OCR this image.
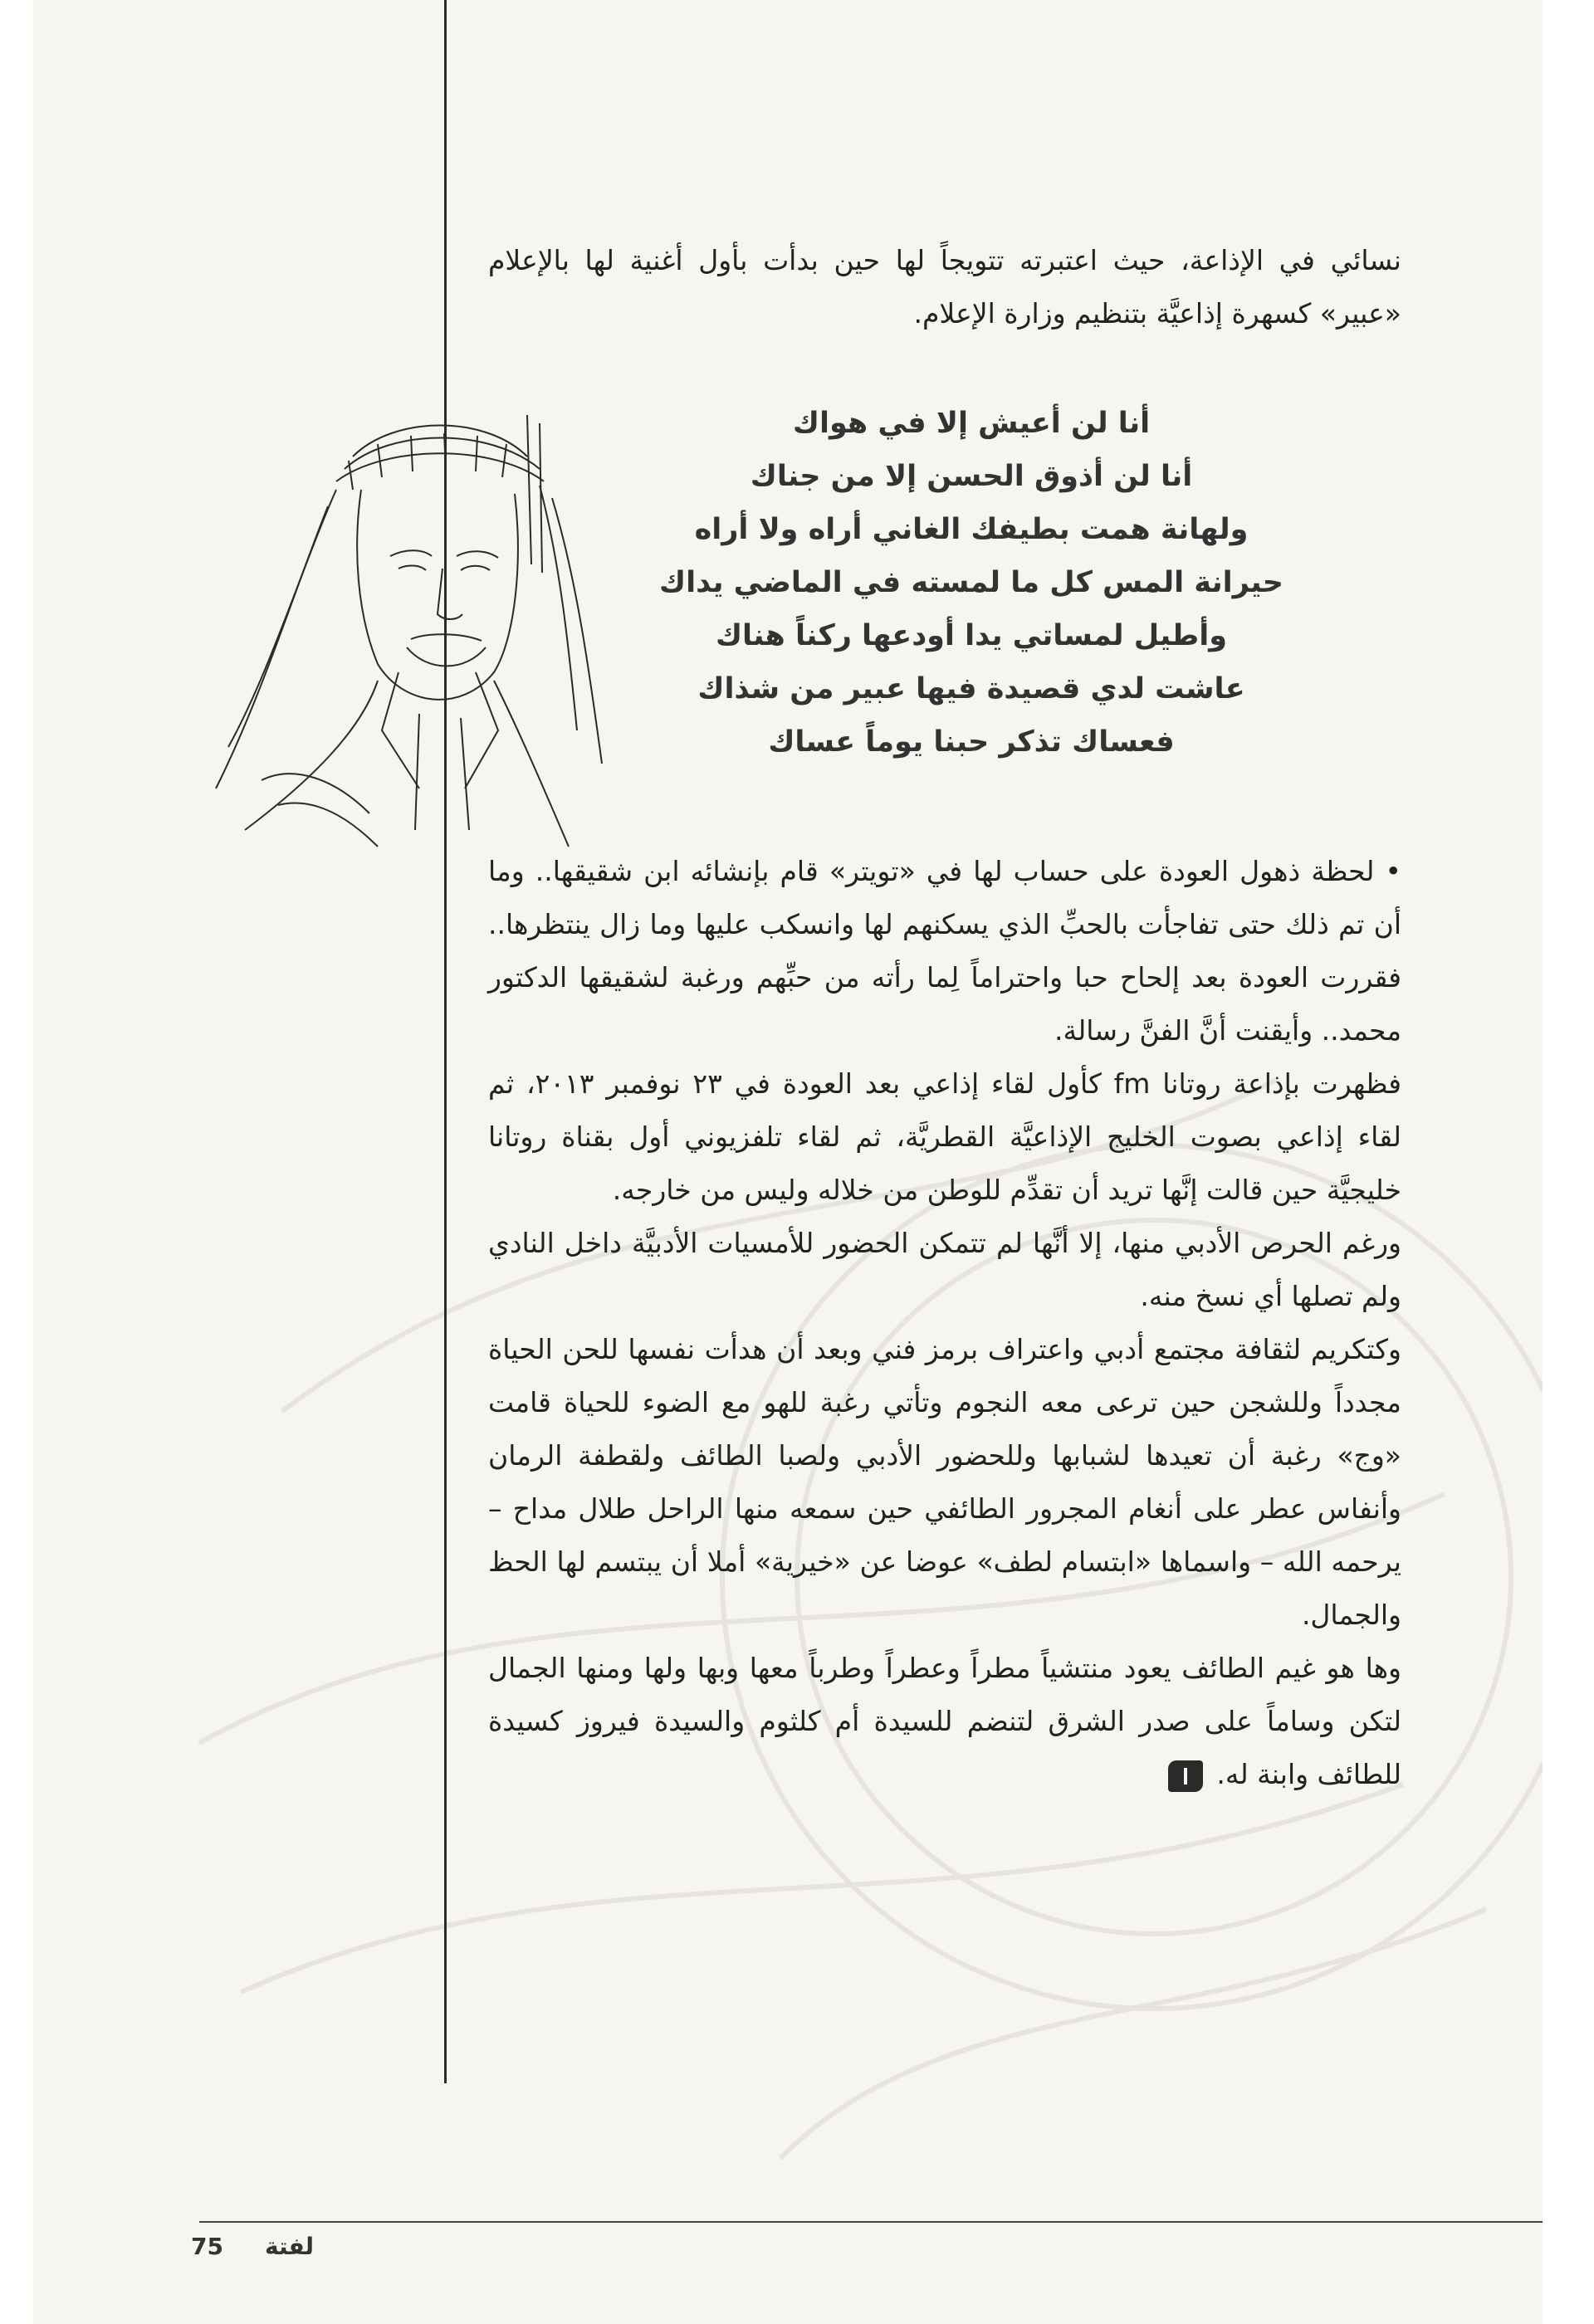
نسائي في الإذاعة، حيث اعتبرته تتويجاً لها حين بدأت بأول أغنية لها بالإعلام «عبير» كسهرة إذاعيَّة بتنظيم وزارة الإعلام.

أنا لن أعيش إلا في هواك
أنا لن أذوق الحسن إلا من جناك
ولهانة همت بطيفك الغاني أراه ولا أراه
حيرانة المس كل ما لمسته في الماضي يداك
وأطيل لمساتي يدا أودعها ركناً هناك
عاشت لدي قصيدة فيها عبير من شذاك
فعساك تذكر حبنا يوماً عساك

• لحظة ذهول العودة على حساب لها في «تويتر» قام بإنشائه ابن شقيقها.. وما أن تم ذلك حتى تفاجأت بالحبِّ الذي يسكنهم لها وانسكب عليها وما زال ينتظرها.. فقررت العودة بعد إلحاح حبا واحتراماً لِما رأته من حبِّهم ورغبة لشقيقها الدكتور محمد.. وأيقنت أنَّ الفنَّ رسالة.

فظهرت بإذاعة روتانا fm كأول لقاء إذاعي بعد العودة في ٢٣ نوفمبر ٢٠١٣، ثم لقاء إذاعي بصوت الخليج الإذاعيَّة القطريَّة، ثم لقاء تلفزيوني أول بقناة روتانا خليجيَّة حين قالت إنَّها تريد أن تقدِّم للوطن من خلاله وليس من خارجه.

ورغم الحرص الأدبي منها، إلا أنَّها لم تتمكن الحضور للأمسيات الأدبيَّة داخل النادي ولم تصلها أي نسخ منه.

وكتكريم لثقافة مجتمع أدبي واعتراف برمز فني وبعد أن هدأت نفسها للحن الحياة مجدداً وللشجن حين ترعى معه النجوم وتأتي رغبة للهو مع الضوء للحياة قامت «وج» رغبة أن تعيدها لشبابها وللحضور الأدبي ولصبا الطائف ولقطفة الرمان وأنفاس عطر على أنغام المجرور الطائفي حين سمعه منها الراحل طلال مداح – يرحمه الله – واسماها «ابتسام لطف» عوضا عن «خيرية» أملا أن يبتسم لها الحظ والجمال.

وها هو غيم الطائف يعود منتشياً مطراً وعطراً وطرباً معها وبها ولها ومنها الجمال لتكن وساماً على صدر الشرق لتنضم للسيدة أم كلثوم والسيدة فيروز كسيدة للطائف وابنة له.

75 لفتة
